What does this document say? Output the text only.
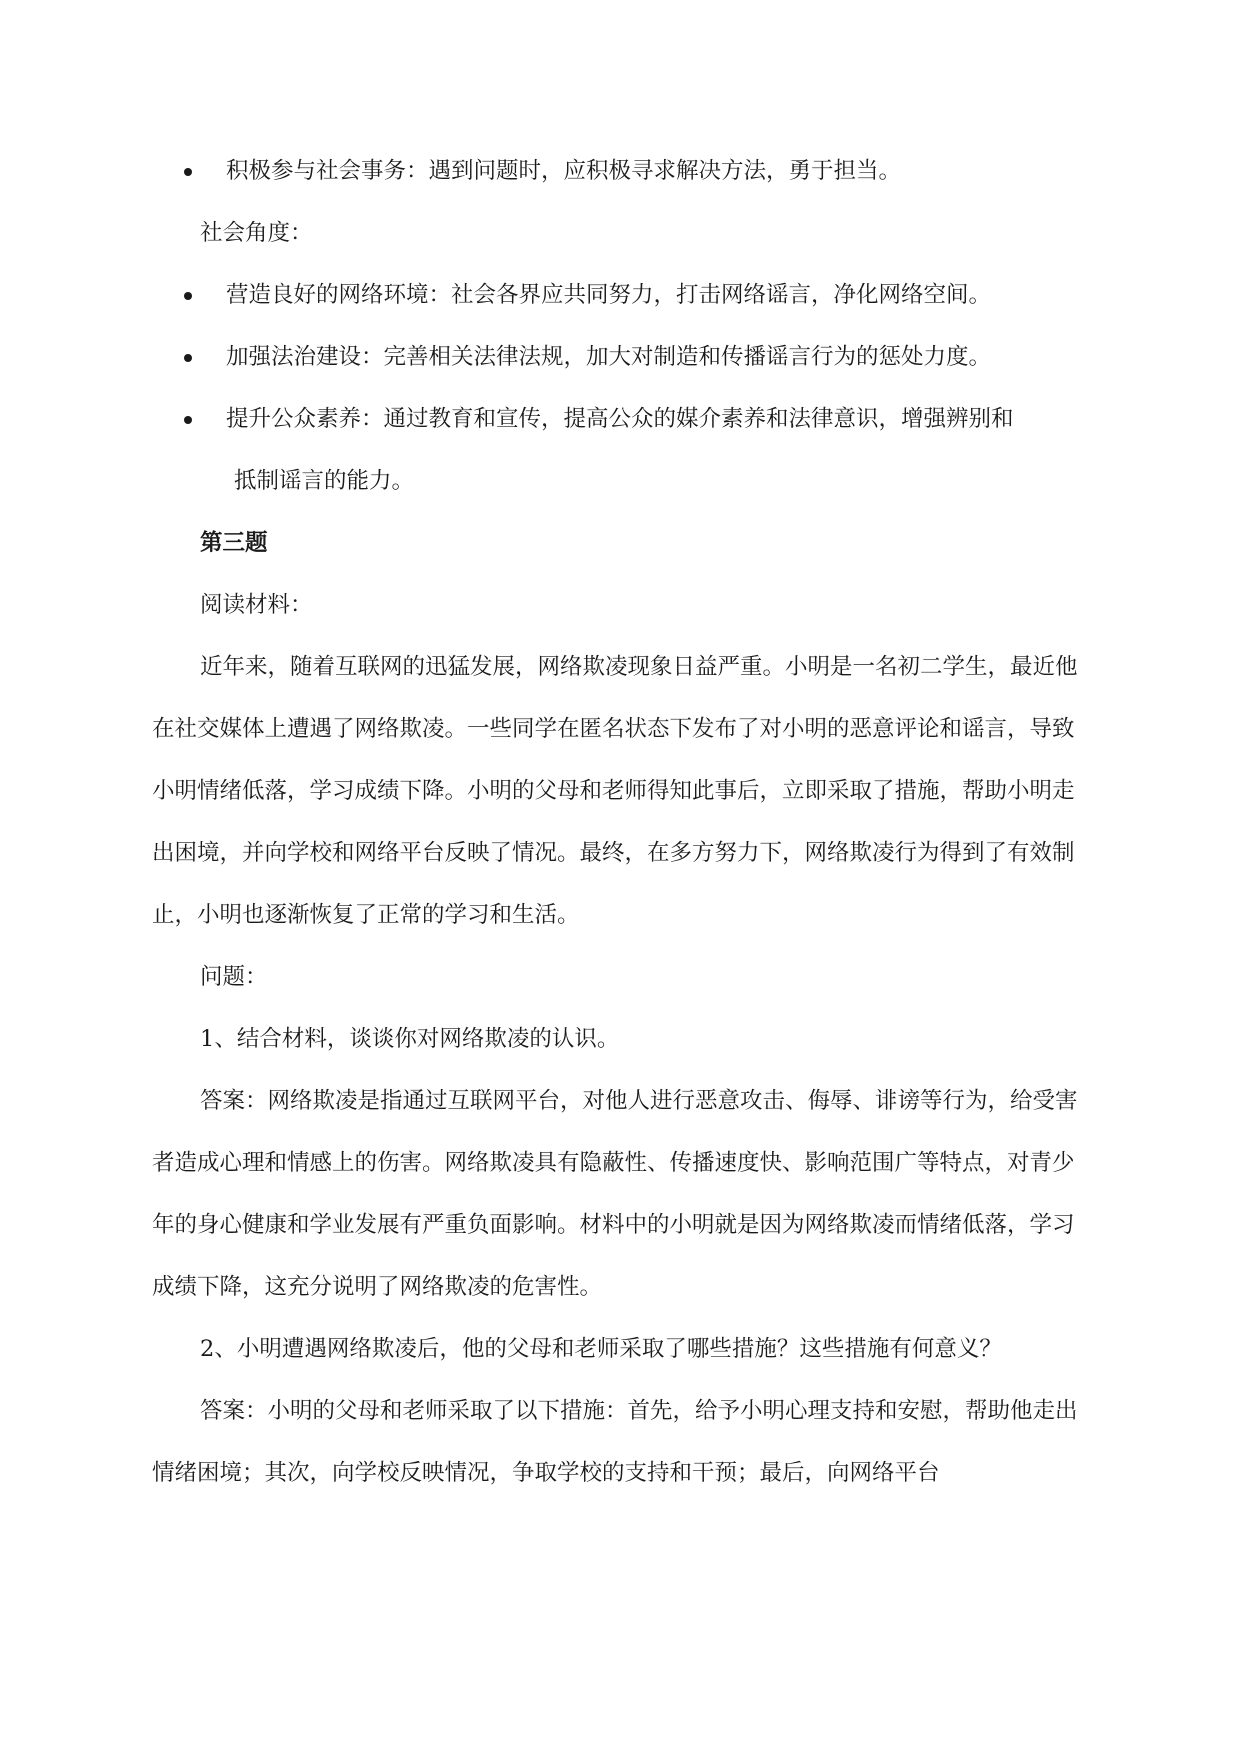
积极参与社会事务：遇到问题时，应积极寻求解决方法，勇于担当。

社会角度：

营造良好的网络环境：社会各界应共同努力，打击网络谣言，净化网络空间。

加强法治建设：完善相关法律法规，加大对制造和传播谣言行为的惩处力度。

提升公众素养：通过教育和宣传，提高公众的媒介素养和法律意识，增强辨别和
抵制谣言的能力。

第三题

阅读材料：

近年来，随着互联网的迅猛发展，网络欺凌现象日益严重。小明是一名初二学生，最近他在社交媒体上遭遇了网络欺凌。一些同学在匿名状态下发布了对小明的恶意评论和谣言，导致小明情绪低落，学习成绩下降。小明的父母和老师得知此事后，立即采取了措施，帮助小明走出困境，并向学校和网络平台反映了情况。最终，在多方努力下，网络欺凌行为得到了有效制止，小明也逐渐恢复了正常的学习和生活。

问题：

1、结合材料，谈谈你对网络欺凌的认识。

答案：网络欺凌是指通过互联网平台，对他人进行恶意攻击、侮辱、诽谤等行为，给受害者造成心理和情感上的伤害。网络欺凌具有隐蔽性、传播速度快、影响范围广等特点，对青少年的身心健康和学业发展有严重负面影响。材料中的小明就是因为网络欺凌而情绪低落，学习成绩下降，这充分说明了网络欺凌的危害性。

2、小明遭遇网络欺凌后，他的父母和老师采取了哪些措施？这些措施有何意义？

答案：小明的父母和老师采取了以下措施：首先，给予小明心理支持和安慰，帮助他走出情绪困境；其次，向学校反映情况，争取学校的支持和干预；最后，向网络平台
